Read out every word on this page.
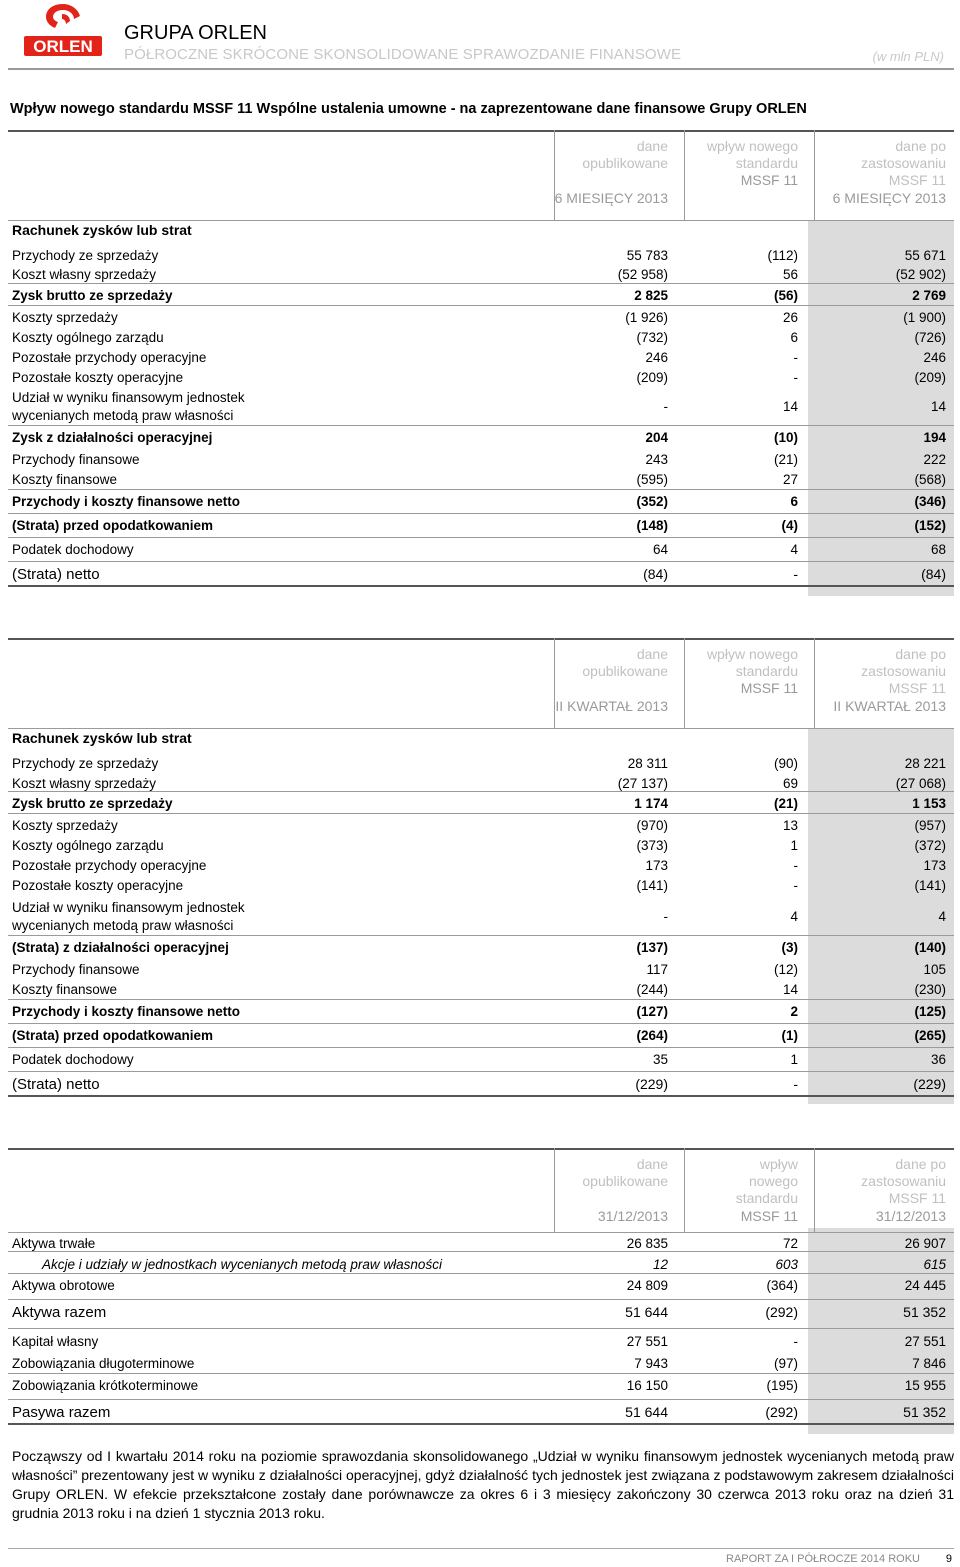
ORLEN
GRUPA ORLEN
PÓŁROCZNE SKRÓCONE SKONSOLIDOWANE SPRAWOZDANIE FINANSOWE	(w mln PLN)
Wpływ nowego standardu MSSF 11 Wspólne ustalenia umowne - na zaprezentowane dane finansowe Grupy ORLEN
dane
opublikowane
6 MIESIĘCY 2013
wpływ nowego
standardu
MSSF 11
dane po
zastosowaniu
MSSF 11
6 MIESIĘCY 2013
Rachunek zysków lub strat
Przychody ze sprzedaży	55 783	(112)	55 671
Koszt własny sprzedaży	(52 958)	56	(52 902)
Zysk brutto ze sprzedaży	2 825	(56)	2 769
Koszty sprzedaży	(1 926)	26	(1 900)
Koszty ogólnego zarządu	(732)	6	(726)
Pozostałe przychody operacyjne	246	-	246
Pozostałe koszty operacyjne	(209)	-	(209)
Udział w wyniku finansowym jednostek
wycenianych metodą praw własności
-	14	14
Zysk z działalności operacyjnej	204	(10)	194
Przychody finansowe	243	(21)	222
Koszty finansowe	(595)	27	(568)
Przychody i koszty finansowe netto	(352)	6	(346)
(Strata) przed opodatkowaniem	(148)	(4)	(152)
Podatek dochodowy	64	4	68
(Strata) netto	(84)	-	(84)
dane
opublikowane
II KWARTAŁ 2013
wpływ nowego
standardu
MSSF 11
dane po
zastosowaniu
MSSF 11
II KWARTAŁ 2013
Rachunek zysków lub strat
Przychody ze sprzedaży	28 311	(90)	28 221
Koszt własny sprzedaży	(27 137)	69	(27 068)
Zysk brutto ze sprzedaży	1 174	(21)	1 153
Koszty sprzedaży	(970)	13	(957)
Koszty ogólnego zarządu	(373)	1	(372)
Pozostałe przychody operacyjne	173	-	173
Pozostałe koszty operacyjne	(141)	-	(141)
Udział w wyniku finansowym jednostek
wycenianych metodą praw własności
-	4	4
(Strata) z działalności operacyjnej	(137)	(3)	(140)
Przychody finansowe	117	(12)	105
Koszty finansowe	(244)	14	(230)
Przychody i koszty finansowe netto	(127)	2	(125)
(Strata) przed opodatkowaniem	(264)	(1)	(265)
Podatek dochodowy	35	1	36
(Strata) netto	(229)	-	(229)
dane
opublikowane
31/12/2013
wpływ
nowego
standardu
MSSF 11
dane po
zastosowaniu
MSSF 11
31/12/2013
Aktywa trwałe	26 835	72	26 907
Akcje i udziały w jednostkach wycenianych metodą praw własności	12	603	615
Aktywa obrotowe	24 809	(364)	24 445
Aktywa razem	51 644	(292)	51 352
Kapitał własny	27 551	-	27 551
Zobowiązania długoterminowe	7 943	(97)	7 846
Zobowiązania krótkoterminowe	16 150	(195)	15 955
Pasywa razem	51 644	(292)	51 352
Począwszy od I kwartału 2014 roku na poziomie sprawozdania skonsolidowanego „Udział w wyniku finansowym jednostek wycenianych metodą praw własności” prezentowany jest w wyniku z działalności operacyjnej, gdyż działalność tych jednostek jest związana z podstawowym zakresem działalności Grupy ORLEN. W efekcie przekształcone zostały dane porównawcze za okres 6 i 3 miesięcy zakończony 30 czerwca 2013 roku oraz na dzień 31 grudnia 2013 roku i na dzień 1 stycznia 2013 roku.
RAPORT ZA I PÓŁROCZE 2014 ROKU 9
